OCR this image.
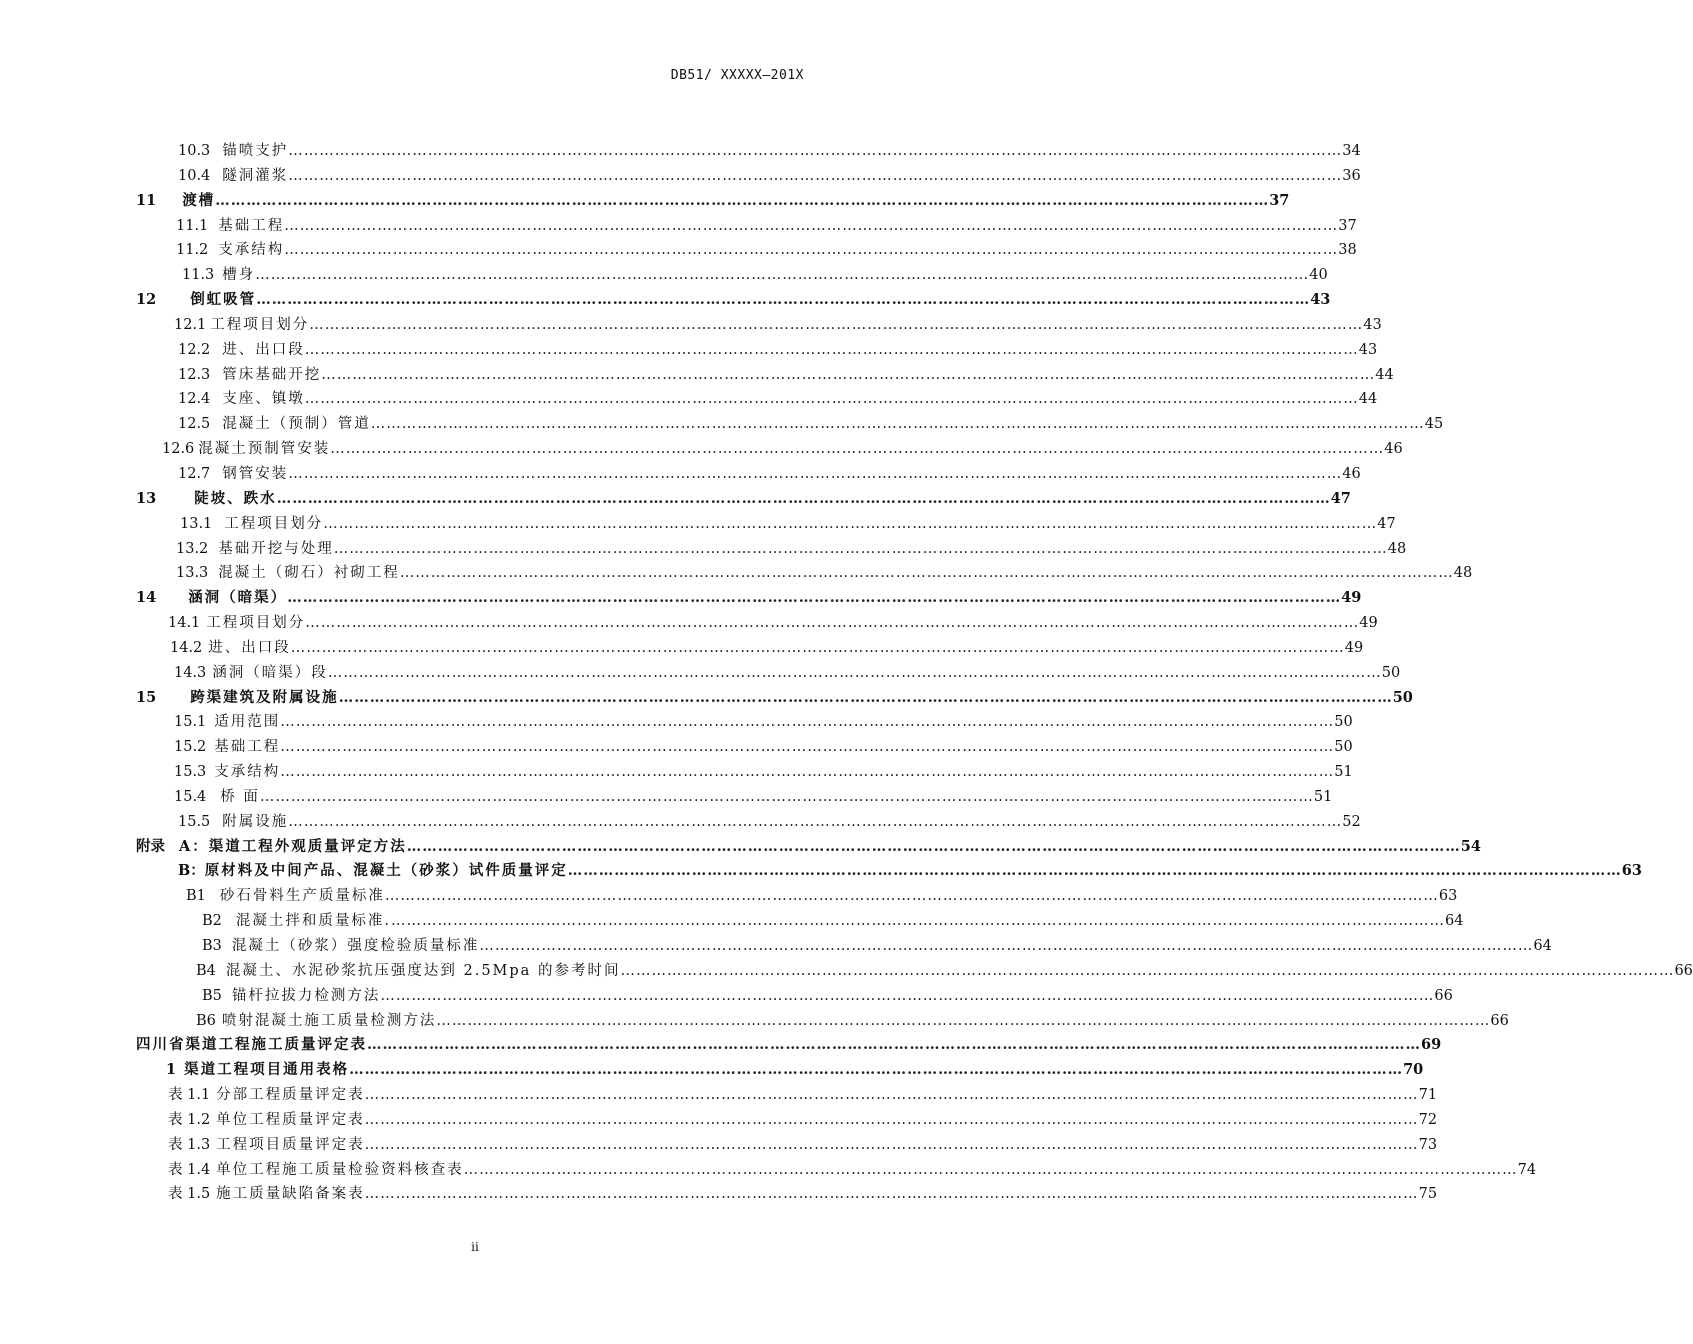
DB51/ XXXXX—201X
10.3 锚喷支护 …………………………………………………………………………………………………………………………………………………………………………………… 34
10.4 隧洞灌浆 …………………………………………………………………………………………………………………………………………………………………………………… 36
11 渡槽 …………………………………………………………………………………………………………………………………………………………………………………… 37
11.1 基础工程 …………………………………………………………………………………………………………………………………………………………………………………… 37
11.2 支承结构 …………………………………………………………………………………………………………………………………………………………………………………… 38
11.3 槽身 …………………………………………………………………………………………………………………………………………………………………………………… 40
12 倒虹吸管 …………………………………………………………………………………………………………………………………………………………………………………… 43
12.1 工程项目划分 …………………………………………………………………………………………………………………………………………………………………………………… 43
12.2 进、出口段 …………………………………………………………………………………………………………………………………………………………………………………… 43
12.3 管床基础开挖 …………………………………………………………………………………………………………………………………………………………………………………… 44
12.4 支座、镇墩 …………………………………………………………………………………………………………………………………………………………………………………… 44
12.5 混凝土（预制）管道 …………………………………………………………………………………………………………………………………………………………………………………… 45
12.6 混凝土预制管安装 …………………………………………………………………………………………………………………………………………………………………………………… 46
12.7 钢管安装 …………………………………………………………………………………………………………………………………………………………………………………… 46
13	陡坡、跌水 …………………………………………………………………………………………………………………………………………………………………………………… 47
13.1 工程项目划分 …………………………………………………………………………………………………………………………………………………………………………………… 47
13.2 基础开挖与处理 …………………………………………………………………………………………………………………………………………………………………………………… 48
13.3 混凝土（砌石）衬砌工程 …………………………………………………………………………………………………………………………………………………………………………………… 48
14 涵洞（暗渠） …………………………………………………………………………………………………………………………………………………………………………………… 49
14.1 工程项目划分 …………………………………………………………………………………………………………………………………………………………………………………… 49
14.2 进、出口段 …………………………………………………………………………………………………………………………………………………………………………………… 49
14.3 涵洞（暗渠）段 …………………………………………………………………………………………………………………………………………………………………………………… 50
15 跨渠建筑及附属设施 …………………………………………………………………………………………………………………………………………………………………………………… 50
15.1 适用范围 …………………………………………………………………………………………………………………………………………………………………………………… 50
15.2 基础工程 …………………………………………………………………………………………………………………………………………………………………………………… 50
15.3 支承结构 …………………………………………………………………………………………………………………………………………………………………………………… 51
15.4 桥 面 …………………………………………………………………………………………………………………………………………………………………………………… 51
15.5 附属设施 …………………………………………………………………………………………………………………………………………………………………………………… 52
附录 A：渠道工程外观质量评定方法 …………………………………………………………………………………………………………………………………………………………………………………… 54
B： 原材料及中间产品、混凝土（砂浆）试件质量评定 …………………………………………………………………………………………………………………………………………………………………………………… 63
B1 砂石骨料生产质量标准 …………………………………………………………………………………………………………………………………………………………………………………… 63
B2 混凝土拌和质量标准. …………………………………………………………………………………………………………………………………………………………………………………… 64
B3 混凝土（砂浆）强度检验质量标准 …………………………………………………………………………………………………………………………………………………………………………………… 64
B4 混凝土、水泥砂浆抗压强度达到 2.5Mpa 的参考时间 …………………………………………………………………………………………………………………………………………………………………………………… 66
B5 锚杆拉拔力检测方法 …………………………………………………………………………………………………………………………………………………………………………………… 66
B6 喷射混凝土施工质量检测方法 …………………………………………………………………………………………………………………………………………………………………………………… 66
四川省渠道工程施工质量评定表 …………………………………………………………………………………………………………………………………………………………………………………… 69
1 渠道工程项目通用表格 …………………………………………………………………………………………………………………………………………………………………………………… 70
表 1.1 分部工程质量评定表 …………………………………………………………………………………………………………………………………………………………………………………… 71
表 1.2 单位工程质量评定表 …………………………………………………………………………………………………………………………………………………………………………………… 72
表 1.3 工程项目质量评定表 …………………………………………………………………………………………………………………………………………………………………………………… 73
表 1.4 单位工程施工质量检验资料核查表 …………………………………………………………………………………………………………………………………………………………………………………… 74
表 1.5 施工质量缺陷备案表 …………………………………………………………………………………………………………………………………………………………………………………… 75
ii
